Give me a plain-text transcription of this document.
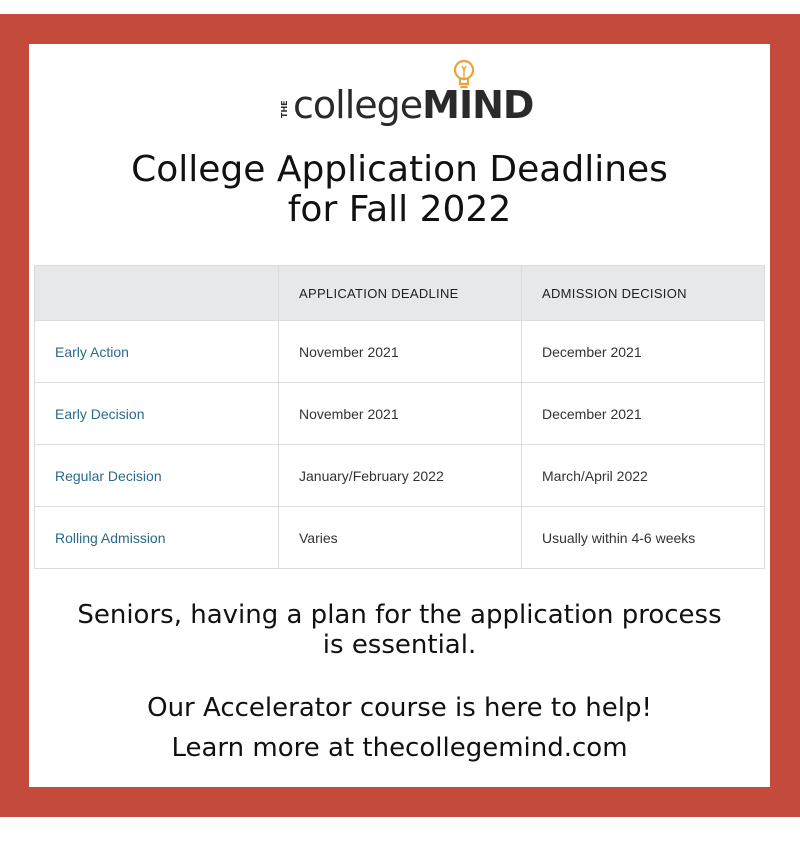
THE collegeMIND
College Application Deadlines
for Fall 2022
	APPLICATION DEADLINE	ADMISSION DECISION
Early Action	November 2021	December 2021
Early Decision	November 2021	December 2021
Regular Decision	January/February 2022	March/April 2022
Rolling Admission	Varies	Usually within 4-6 weeks

Seniors, having a plan for the application process
is essential.

Our Accelerator course is here to help!
Learn more at thecollegemind.com
